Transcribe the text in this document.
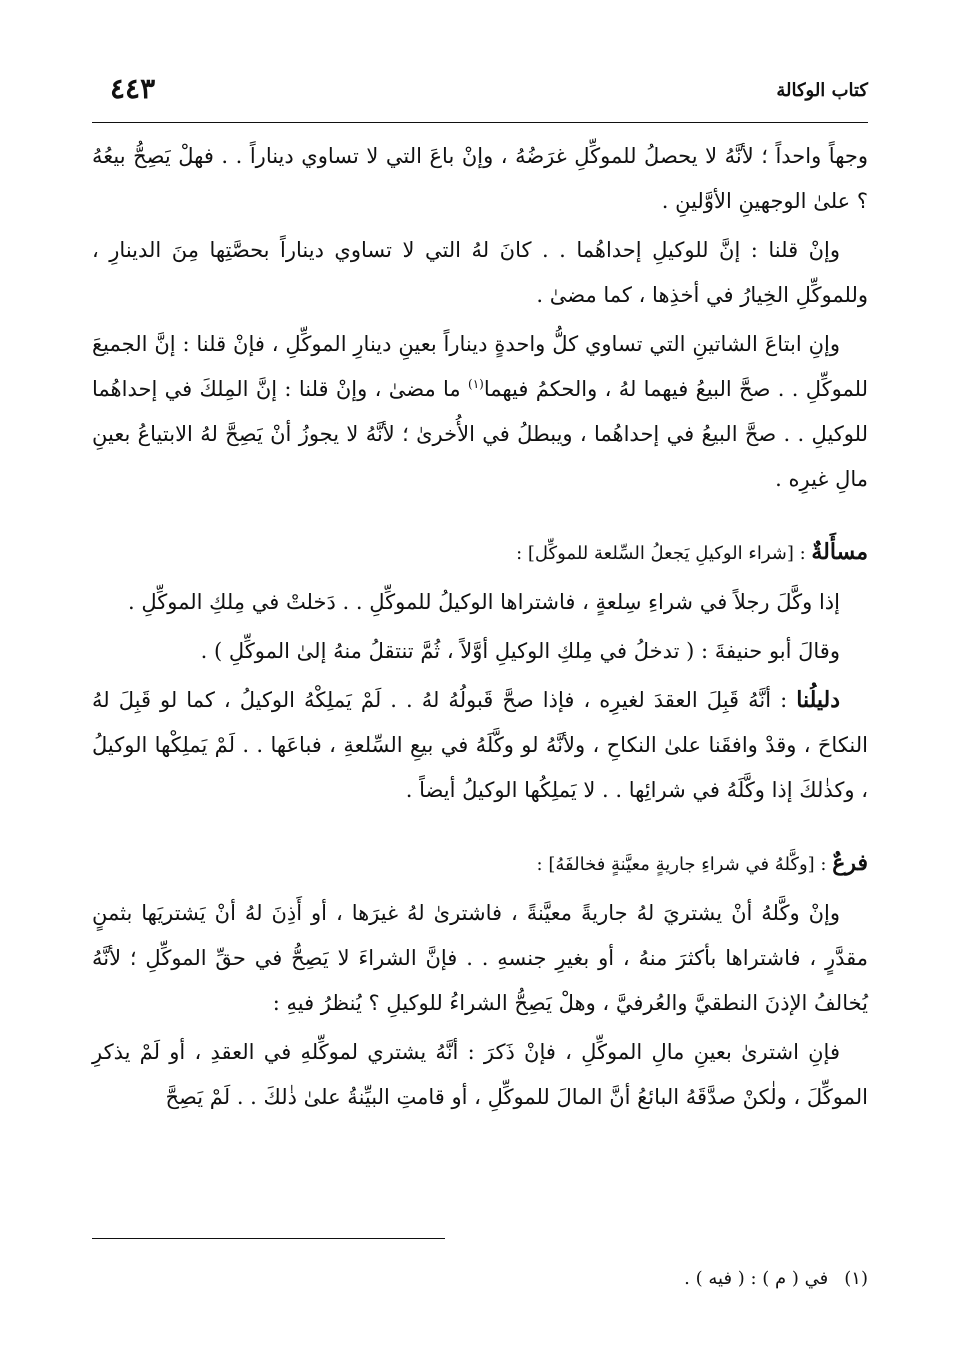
كتاب الوكالة
٤٤٣

وجهاً واحداً ؛ لأنَّهُ لا يحصلُ للموكِّلِ غرَضُهُ ، وإنْ باعَ التي لا تساوي ديناراً . . فهلْ يَصِحُّ بيعُهُ ؟ علىٰ الوجهينِ الأوَّلينِ .

وإنْ قلنا : إنَّ للوكيلِ إحداهُما . . كانَ لهُ التي لا تساوي ديناراً بحصَّتِها مِنَ الدينارِ ، وللموكِّلِ الخِيارُ في أخذِها ، كما مضىٰ .

وإنِ ابتاعَ الشاتينِ التي تساوي كلُّ واحدةٍ ديناراً بعينِ دينارِ الموكِّلِ ، فإنْ قلنا : إنَّ الجميعَ للموكِّلِ . . صحَّ البيعُ فيهما لهُ ، والحكمُ فيهما$^{(١)}$ ما مضىٰ ، وإنْ قلنا : إنَّ المِلكَ في إحداهُما للوكيلِ . . صحَّ البيعُ في إحداهُما ، ويبطلُ في الأُخرىٰ ؛ لأنَّهُ لا يجوزُ أنْ يَصِحَّ لهُ الابتياعُ بعينِ مالِ غيرِه .

مسأَلةٌ : [شراء الوكيلِ يَجعلُ السِّلعة للموكِّل] :

إذا وكَّلَ رجلاً في شراءِ سِلعةٍ ، فاشتراها الوكيلُ للموكِّلِ . . دَخلتْ في مِلكِ الموكِّلِ .

وقالَ أبو حنيفةَ : ( تدخلُ في مِلكِ الوكيلِ أوَّلاً ، ثُمَّ تنتقلُ منهُ إلىٰ الموكِّلِ ) .

دليلُنا : أنَّهُ قَبِلَ العقدَ لغيرِه ، فإذا صحَّ قَبولُهُ لهُ . . لَمْ يَملِكْهُ الوكيلُ ، كما لو قَبِلَ لهُ النكاحَ ، وقدْ وافقَنا علىٰ النكاحِ ، ولأنَّهُ لو وكَّلَهُ في بيعِ السِّلعةِ ، فباعَها . . لَمْ يَملِكْها الوكيلُ ، وكذٰلكَ إذا وكَّلَهُ في شرائِها . . لا يَملِكُها الوكيلُ أيضاً .

فرعٌ : [وكَّلهُ في شراءِ جاريةٍ معيَّنةٍ فخالفَهُ] :

وإنْ وكَّلهُ أنْ يشتريَ لهُ جاريةً معيَّنةً ، فاشترىٰ لهُ غيرَها ، أو أَذِنَ لهُ أنْ يَشتريَها بثمنٍ مقدَّرٍ ، فاشتراها بأكثرَ منهُ ، أو بغيرِ جنسهِ . . فإنَّ الشراءَ لا يَصِحُّ في حقِّ الموكِّلِ ؛ لأنَّهُ يُخالفُ الإذنَ النطقيَّ والعُرفيَّ ، وهلْ يَصِحُّ الشراءُ للوكيلِ ؟ يُنظرُ فيهِ :

فإنِ اشترىٰ بعينِ مالِ الموكِّلِ ، فإنْ ذَكرَ : أنَّهُ يشتري لموكِّلهِ في العقدِ ، أو لَمْ يذكرِ الموكِّلَ ، ولٰكنْ صدَّقَهُ البائعُ أنَّ المالَ للموكِّلِ ، أو قامتِ البيِّنةُ علىٰ ذٰلكَ . . لَمْ يَصِحَّ

(١)في ( م ) : ( فيه ) .
